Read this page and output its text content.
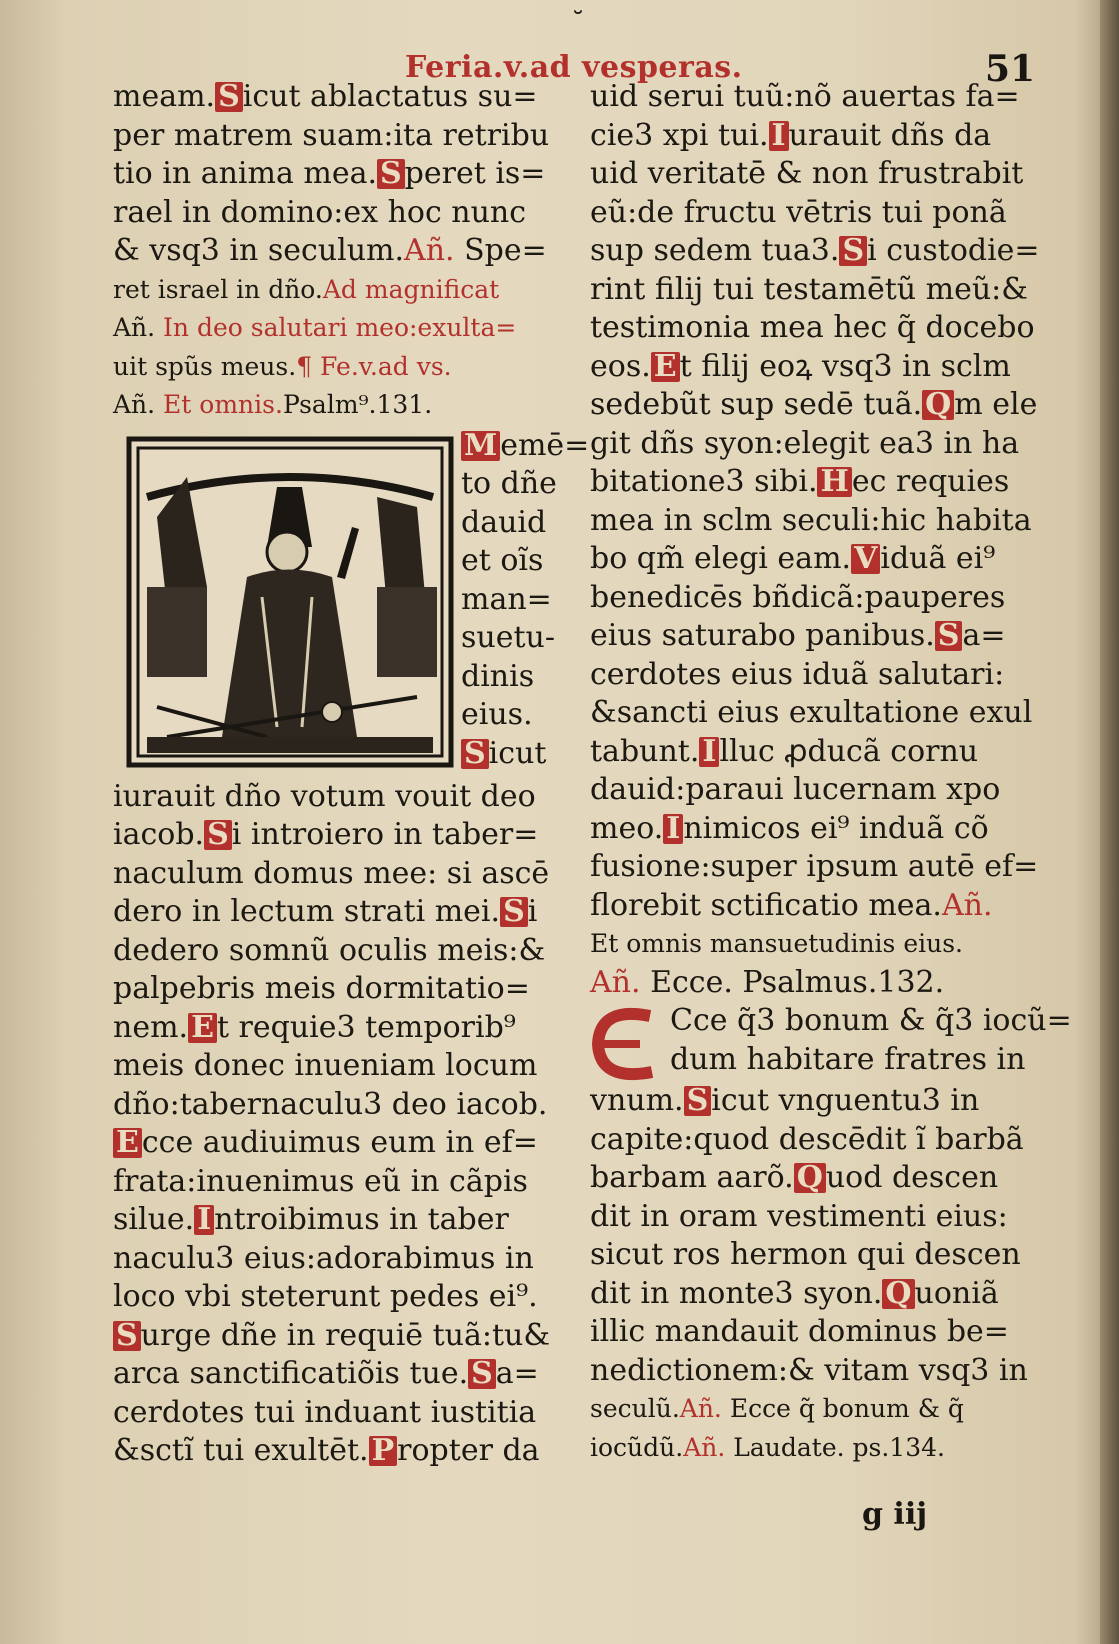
˘
Feria.v.ad vesperas.	51
meam. S icut ablactatus su=
per matrem suam:ita retribu
tio in anima mea. S peret is=
rael in domino:ex hoc nunc
& vsq3 in seculum.Añ. Spe=
ret israel in dño.Ad magnificat
Añ. In deo salutari meo:exulta=
uit spũs meus.¶ Fe.v.ad vs.
Añ. Et omnis.Psalm⁹.131.
M emē=
to dñe
dauid
et oĩs
man=
suetu-
dinis
eius.
S icut
iurauit dño votum vouit deo
iacob. S i introiero in taber=
naculum domus mee: si ascē
dero in lectum strati mei. S i
dedero somnũ oculis meis:&
palpebris meis dormitatio=
nem. E t requie3 temporib⁹
meis donec inueniam locum
dño:tabernaculu3 deo iacob.
E cce audiuimus eum in ef=
frata:inuenimus eũ in cãpis
silue. I ntroibimus in taber
naculu3 eius:adorabimus in
loco vbi steterunt pedes ei⁹.
S urge dñe in requiē tuã:tu&
arca sanctificatiõis tue. S a=
cerdotes tui induant iustitia
&sctĩ tui exultēt. P ropter da
uid serui tuũ:nõ auertas fa=
cie3 xpi tui. I urauit dñs da
uid veritatē & non frustrabit
eũ:de fructu vētris tui ponã
sup sedem tua3. S i custodie=
rint filij tui testamētũ meũ:&
testimonia mea hec q̃ docebo
eos. E t filij eoꝝ vsq3 in sclm
sedebũt sup sedē tuã. Q m ele
git dñs syon:elegit ea3 in ha
bitatione3 sibi. H ec requies
mea in sclm seculi:hic habita
bo qm̃ elegi eam. V iduã ei⁹
benedicēs bñdicã:pauperes
eius saturabo panibus. S a=
cerdotes eius iduã salutari:
&sancti eius exultatione exul
tabunt. I lluc ꝓducã cornu
dauid:paraui lucernam xpo
meo. I nimicos ei⁹ induã cõ
fusione:super ipsum autē ef=
florebit sctificatio mea.Añ.
Et omnis mansuetudinis eius.
Añ. Ecce. Psalmus.132.
Cce q̃3 bonum & q̃3 iocũ=
dum habitare fratres in
vnum. S icut vnguentu3 in
capite:quod descēdit ĩ barbã
barbam aarõ. Q uod descen
dit in oram vestimenti eius:
sicut ros hermon qui descen
dit in monte3 syon. Q uoniã
illic mandauit dominus be=
nedictionem:& vitam vsq3 in
seculũ.Añ. Ecce q̃ bonum & q̃
iocũdũ.Añ. Laudate. ps.134.
g iij
